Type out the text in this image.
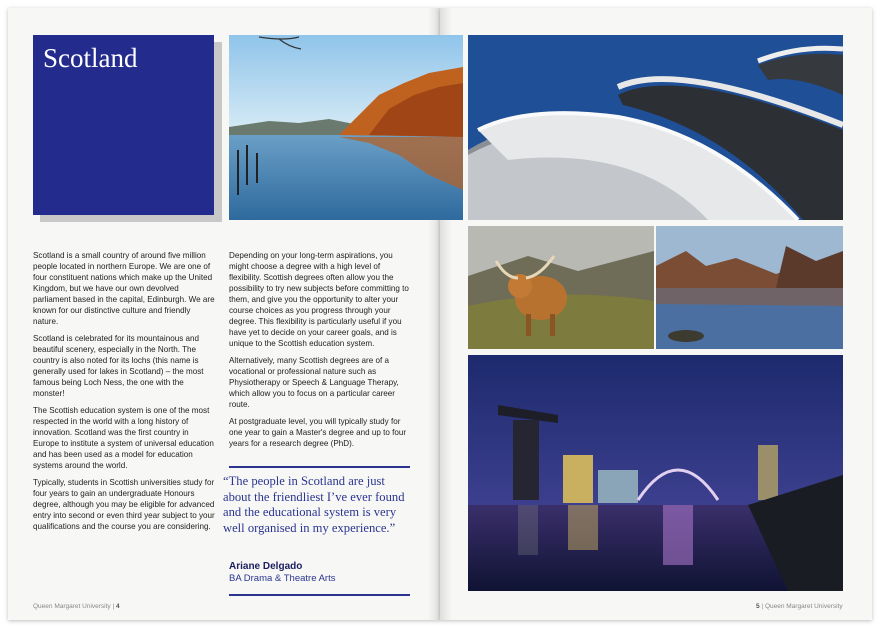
Scotland

Scotland is a small country of around five million people located in northern Europe. We are one of four constituent nations which make up the United Kingdom, but we have our own devolved parliament based in the capital, Edinburgh. We are known for our distinctive culture and friendly nature.

Scotland is celebrated for its mountainous and beautiful scenery, especially in the North. The country is also noted for its lochs (this name is generally used for lakes in Scotland) – the most famous being Loch Ness, the one with the monster!

The Scottish education system is one of the most respected in the world with a long history of innovation. Scotland was the first country in Europe to institute a system of universal education and has been used as a model for education systems around the world.

Typically, students in Scottish universities study for four years to gain an undergraduate Honours degree, although you may be eligible for advanced entry into second or even third year subject to your qualifications and the course you are considering.

Depending on your long-term aspirations, you might choose a degree with a high level of flexibility. Scottish degrees often allow you the possibility to try new subjects before committing to them, and give you the opportunity to alter your course choices as you progress through your degree. This flexibility is particularly useful if you have yet to decide on your career goals, and is unique to the Scottish education system.

Alternatively, many Scottish degrees are of a vocational or professional nature such as Physiotherapy or Speech & Language Therapy, which allow you to focus on a particular career route.

At postgraduate level, you will typically study for one year to gain a Master's degree and up to four years for a research degree (PhD).

“The people in Scotland are just about the friendliest I’ve ever found and the educational system is very well organised in my experience.”
Ariane Delgado
BA Drama & Theatre Arts
Queen Margaret University | 4	5 | Queen Margaret University
